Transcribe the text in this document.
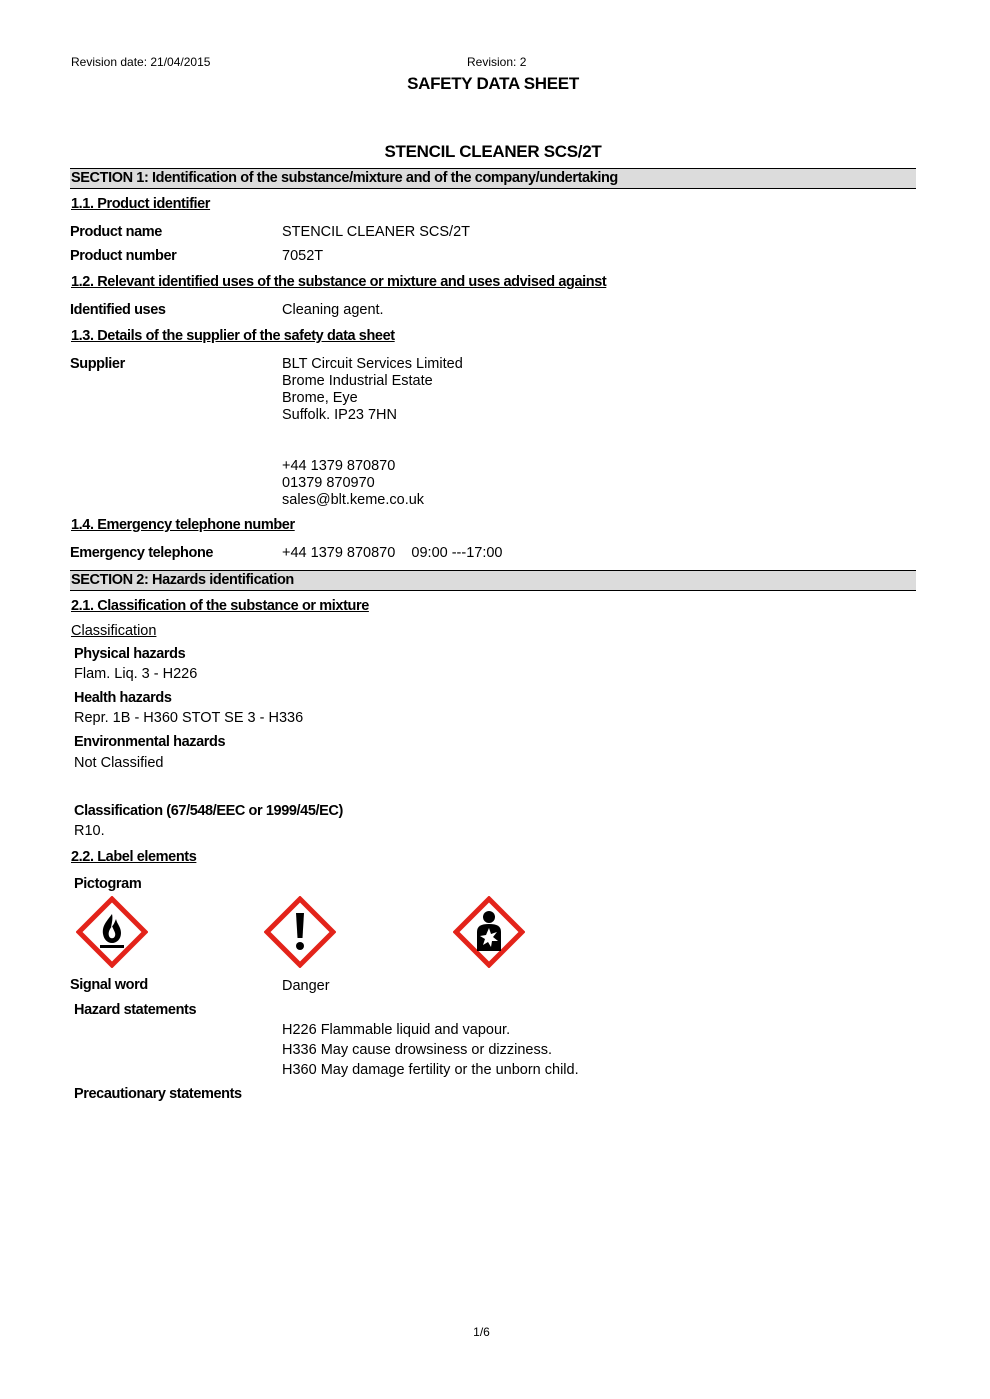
Revision date: 21/04/2015	Revision: 2
SAFETY DATA SHEET
STENCIL CLEANER SCS/2T
SECTION 1: Identification of the substance/mixture and of the company/undertaking
1.1. Product identifier
Product name	STENCIL CLEANER SCS/2T
Product number	7052T
1.2. Relevant identified uses of the substance or mixture and uses advised against
Identified uses	Cleaning agent.
1.3. Details of the supplier of the safety data sheet
Supplier	BLT Circuit Services Limited
Brome Industrial Estate
Brome, Eye
Suffolk. IP23 7HN
+44 1379 870870
01379 870970
sales@blt.keme.co.uk
1.4. Emergency telephone number
Emergency telephone	+44 1379 870870    09:00 ---17:00
SECTION 2: Hazards identification
2.1. Classification of the substance or mixture
Classification
Physical hazards
Flam. Liq. 3 - H226
Health hazards
Repr. 1B - H360 STOT SE 3 - H336
Environmental hazards
Not Classified
Classification (67/548/EEC or 1999/45/EC)
R10.
2.2. Label elements
Pictogram
Signal word	Danger
Hazard statements
H226 Flammable liquid and vapour.
H336 May cause drowsiness or dizziness.
H360 May damage fertility or the unborn child.
Precautionary statements
1/6
